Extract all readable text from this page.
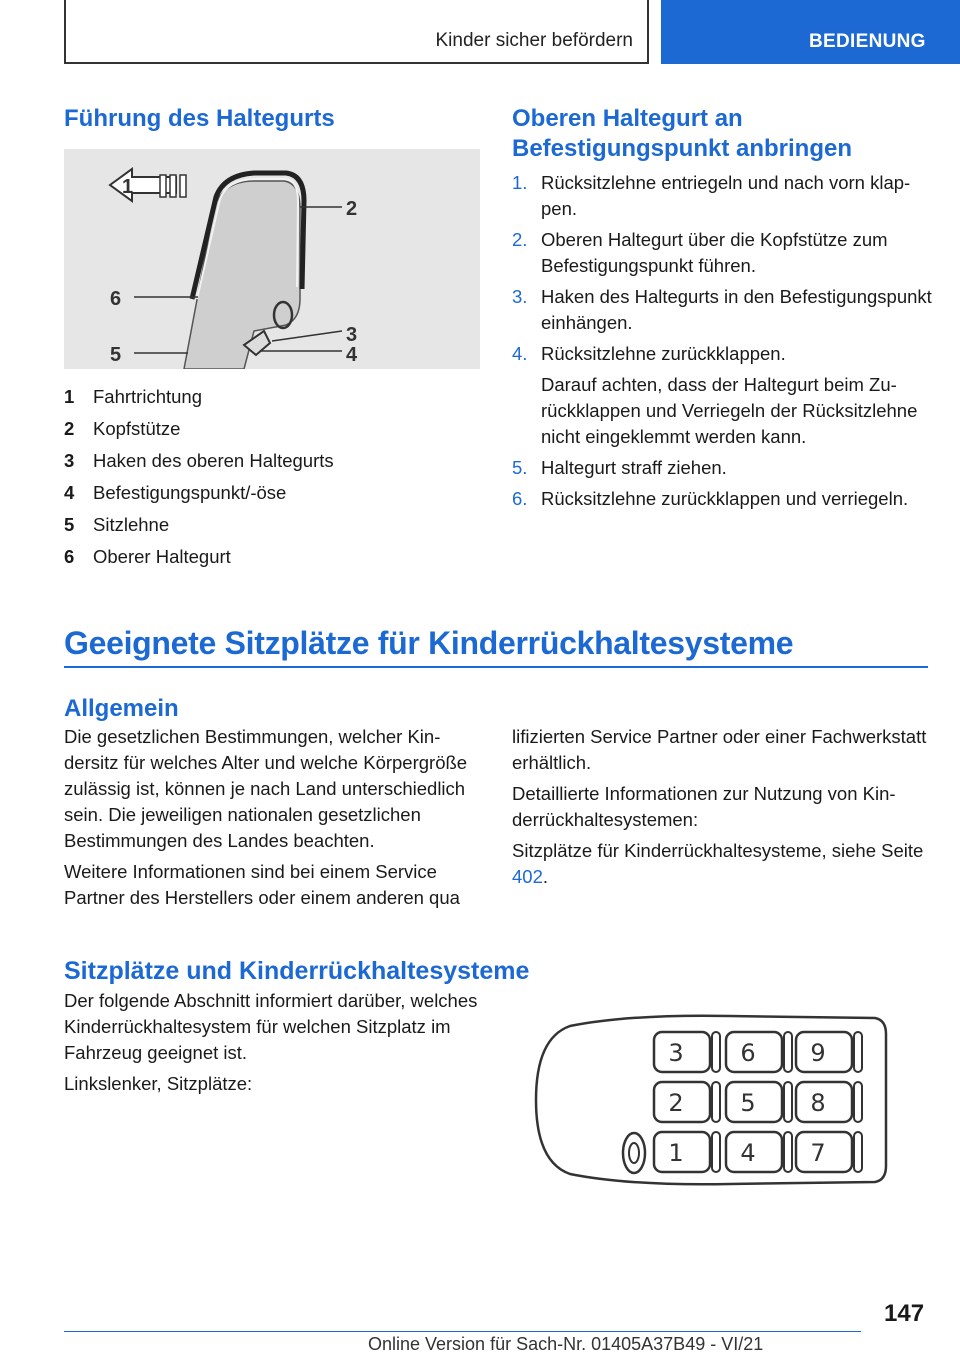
Kinder sicher befördern	BEDIENUNG
Führung des Haltegurts
1
2
6
3
5	4
1	Fahrtrichtung
2	Kopfstütze
3	Haken des oberen Haltegurts
4	Befestigungspunkt/-öse
5	Sitzlehne
6	Oberer Haltegurt
Oberen Haltegurt an
Befestigungspunkt anbringen
1. Rücksitzlehne entriegeln und nach vorn klappen.
2. Oberen Haltegurt über die Kopfstütze zum Befestigungspunkt führen.
3. Haken des Haltegurts in den Befestigungspunkt einhängen.
4. Rücksitzlehne zurückklappen.
Darauf achten, dass der Haltegurt beim Zurückklappen und Verriegeln der Rücksitzlehne nicht eingeklemmt werden kann.
5. Haltegurt straff ziehen.
6. Rücksitzlehne zurückklappen und verriegeln.
Geeignete Sitzplätze für Kinderrückhaltesysteme
Allgemein

Die gesetzlichen Bestimmungen, welcher Kindersitz für welches Alter und welche Körpergröße zulässig ist, können je nach Land unterschiedlich sein. Die jeweiligen nationalen gesetzlichen Bestimmungen des Landes beachten.

Weitere Informationen sind bei einem Service Partner des Herstellers oder einem anderen qua

lifizierten Service Partner oder einer Fachwerkstatt erhältlich.

Detaillierte Informationen zur Nutzung von Kinderrückhaltesystemen:

Sitzplätze für Kinderrückhaltesysteme, siehe Seite 402.

Sitzplätze und Kinderrückhaltesysteme

Der folgende Abschnitt informiert darüber, welches Kinderrückhaltesystem für welchen Sitzplatz im Fahrzeug geeignet ist.

Linkslenker, Sitzplätze:

3 6 9
2 5 8
1 4 7
147
Online Version für Sach-Nr. 01405A37B49 - VI/21
